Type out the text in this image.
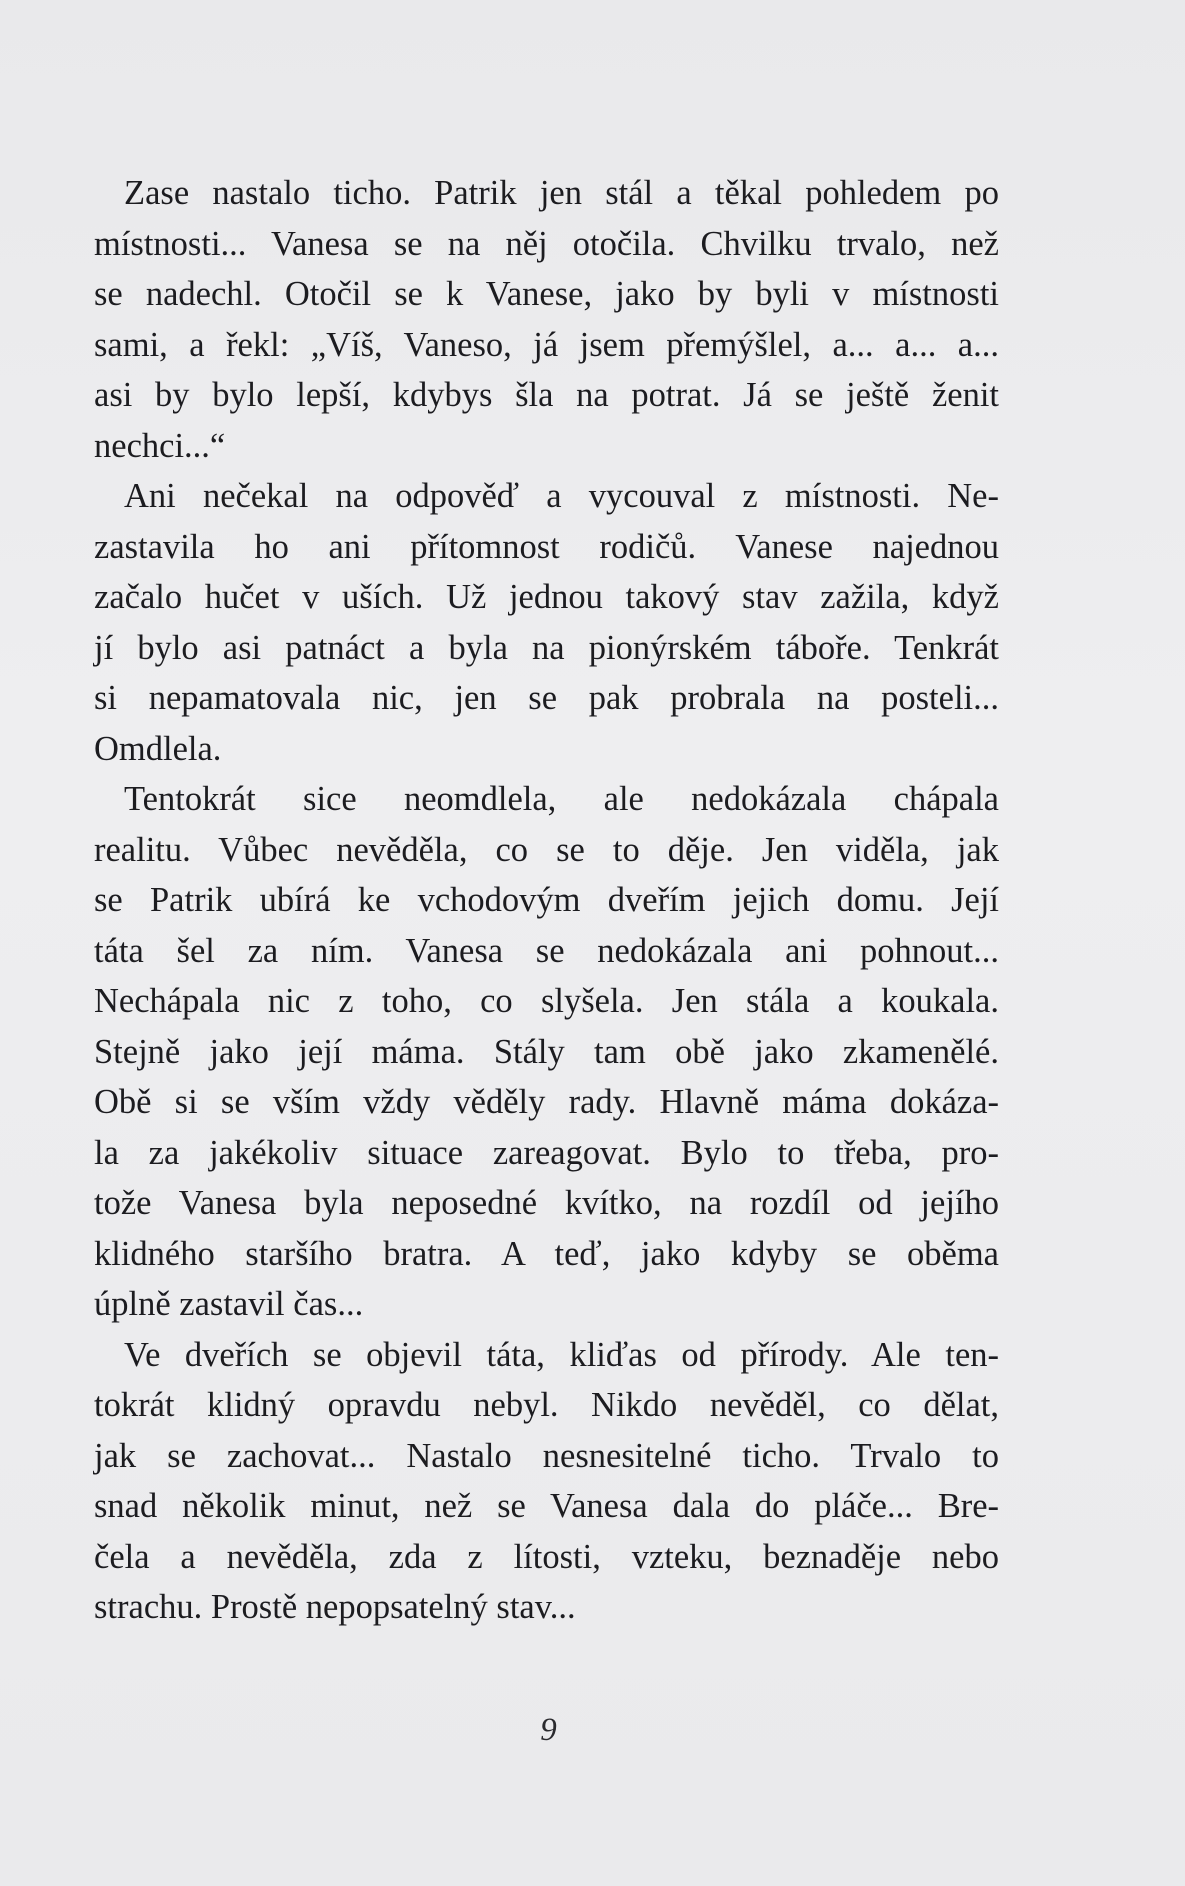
Zase nastalo ticho. Patrik jen stál a těkal pohledem po
místnosti... Vanesa se na něj otočila. Chvilku trvalo, než
se nadechl. Otočil se k Vanese, jako by byli v místnosti
sami, a řekl: „Víš, Vaneso, já jsem přemýšlel, a... a... a...
asi by bylo lepší, kdybys šla na potrat. Já se ještě ženit
nechci...“
Ani nečekal na odpověď a vycouval z místnosti. Ne-
zastavila ho ani přítomnost rodičů. Vanese najednou
začalo hučet v uších. Už jednou takový stav zažila, když
jí bylo asi patnáct a byla na pionýrském táboře. Tenkrát
si nepamatovala nic, jen se pak probrala na posteli...
Omdlela.
Tentokrát sice neomdlela, ale nedokázala chápala
realitu. Vůbec nevěděla, co se to děje. Jen viděla, jak
se Patrik ubírá ke vchodovým dveřím jejich domu. Její
táta šel za ním. Vanesa se nedokázala ani pohnout...
Nechápala nic z toho, co slyšela. Jen stála a koukala.
Stejně jako její máma. Stály tam obě jako zkamenělé.
Obě si se vším vždy věděly rady. Hlavně máma dokáza-
la za jakékoliv situace zareagovat. Bylo to třeba, pro-
tože Vanesa byla neposedné kvítko, na rozdíl od jejího
klidného staršího bratra. A teď, jako kdyby se oběma
úplně zastavil čas...
Ve dveřích se objevil táta, kliďas od přírody. Ale ten-
tokrát klidný opravdu nebyl. Nikdo nevěděl, co dělat,
jak se zachovat... Nastalo nesnesitelné ticho. Trvalo to
snad několik minut, než se Vanesa dala do pláče... Bre-
čela a nevěděla, zda z lítosti, vzteku, beznaděje nebo
strachu. Prostě nepopsatelný stav...
9
